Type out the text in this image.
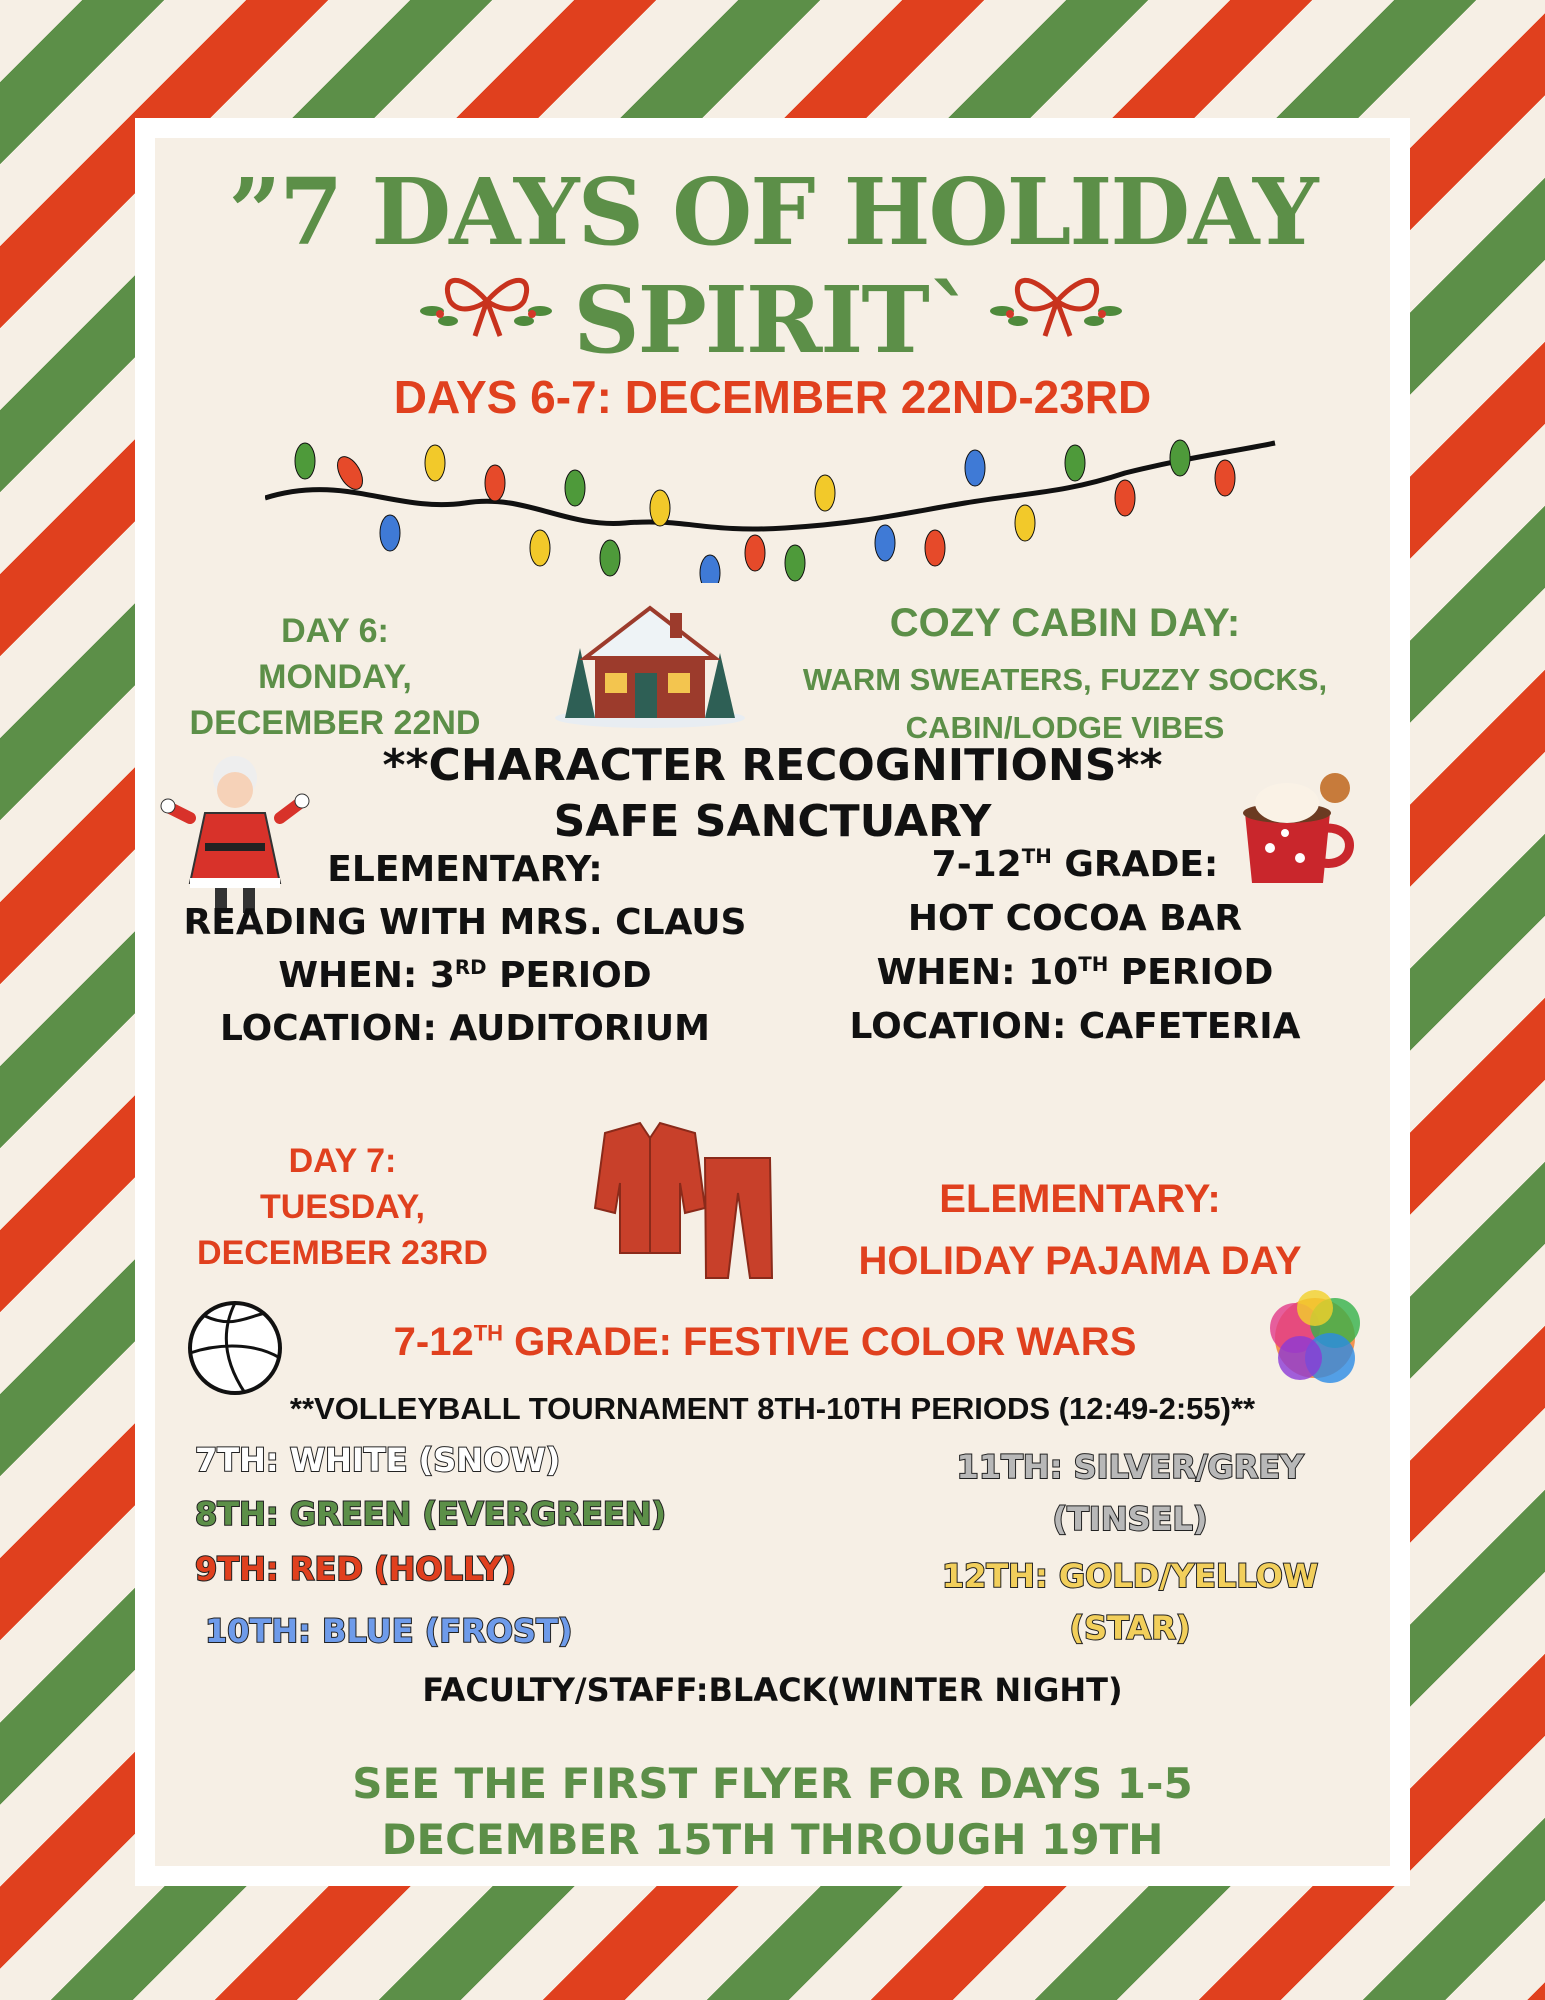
”7 DAYS OF HOLIDAY
SPIRITˋ
DAYS 6-7: DECEMBER 22ND-23RD
DAY 6:
MONDAY,
DECEMBER 22ND
COZY CABIN DAY:
WARM SWEATERS, FUZZY SOCKS,
CABIN/LODGE VIBES
**CHARACTER RECOGNITIONS**
SAFE SANCTUARY
ELEMENTARY:
READING WITH MRS. CLAUS
WHEN: 3RD PERIOD
LOCATION: AUDITORIUM
7-12TH GRADE:
HOT COCOA BAR
WHEN: 10TH PERIOD
LOCATION: CAFETERIA
DAY 7:
TUESDAY,
DECEMBER 23RD
ELEMENTARY:
HOLIDAY PAJAMA DAY
7-12TH GRADE: FESTIVE COLOR WARS
**VOLLEYBALL TOURNAMENT 8TH-10TH PERIODS (12:49-2:55)**
7TH: WHITE (SNOW)
8TH: GREEN (EVERGREEN)
9TH: RED (HOLLY)
10TH: BLUE (FROST)
11TH: SILVER/GREY
(TINSEL)
12TH: GOLD/YELLOW
(STAR)
FACULTY/STAFF:BLACK(WINTER NIGHT)
SEE THE FIRST FLYER FOR DAYS 1-5
DECEMBER 15TH THROUGH 19TH
